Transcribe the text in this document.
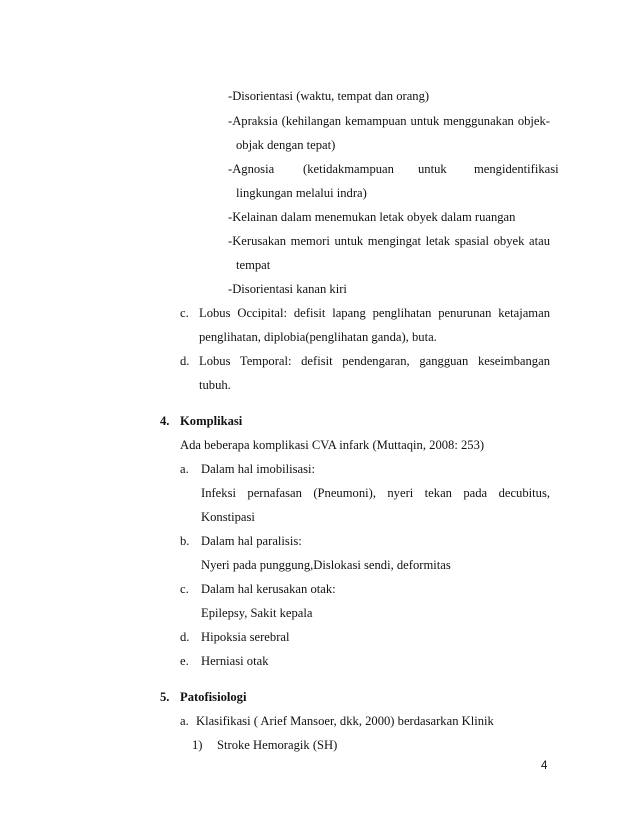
-Disorientasi (waktu, tempat dan orang)
-Apraksia (kehilangan kemampuan untuk menggunakan objek-
objak dengan tepat)
-Agnosia (ketidakmampuan untuk mengidentifikasi
lingkungan melalui indra)
-Kelainan dalam menemukan letak obyek dalam ruangan
-Kerusakan memori untuk mengingat letak spasial obyek atau
tempat
-Disorientasi kanan kiri
c. Lobus Occipital: defisit lapang penglihatan penurunan ketajaman
penglihatan, diplobia(penglihatan ganda), buta.
d. Lobus Temporal: defisit pendengaran, gangguan keseimbangan
tubuh.
4. Komplikasi
Ada beberapa komplikasi CVA infark (Muttaqin, 2008: 253)
a. Dalam hal imobilisasi:
Infeksi pernafasan (Pneumoni), nyeri tekan pada decubitus,
Konstipasi
b. Dalam hal paralisis:
Nyeri pada punggung,Dislokasi sendi, deformitas
c. Dalam hal kerusakan otak:
Epilepsy, Sakit kepala
d. Hipoksia serebral
e. Herniasi otak
5. Patofisiologi
a. Klasifikasi ( Arief Mansoer, dkk, 2000) berdasarkan Klinik
1) Stroke Hemoragik (SH)
4
